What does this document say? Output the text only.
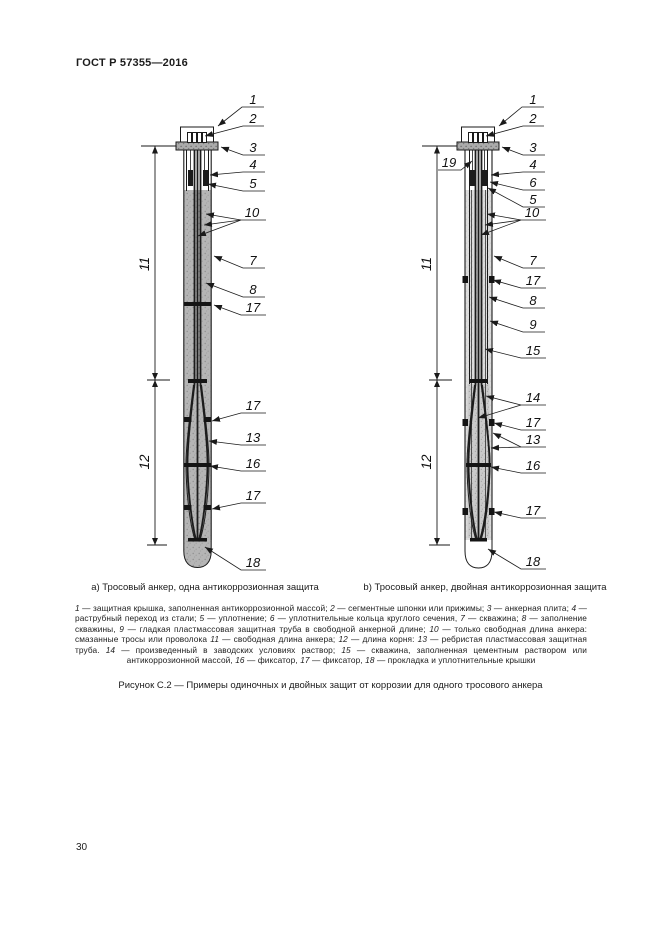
ГОСТ Р 57355—2016
11
12
1
2
3
4
5
10
7
8
17
17
13
16
17
18
11
12
1
2
3
19	4
6
5
10
7
17
8
9
15
14
17
13
16
17
18
а) Тросовый анкер, одна антикоррозионная защита	b) Тросовый анкер, двойная антикоррозионная защита
1 — защитная крышка, заполненная антикоррозионной массой; 2 — сегментные шпонки или прижимы; 3 — анкерная плита; 4 — раструбный переход из стали; 5 — уплотнение; 6 — уплотнительные кольца круглого сечения, 7 — скважина; 8 — заполнение скважины, 9 — гладкая пластмассовая защитная труба в свободной анкерной длине; 10 — только свободная длина анкера: смазанные тросы или проволока 11 — свободная длина анкера; 12 — длина корня: 13 — ребристая пластмассовая защитная труба. 14 — произведенный в заводских условиях раствор; 15 — скважина, заполненная цементным раствором или антикоррозионной массой, 16 — фиксатор, 17 — фиксатор, 18 — прокладка и уплотнительные крышки
Рисунок С.2 — Примеры одиночных и двойных защит от коррозии для одного тросового анкера
30
